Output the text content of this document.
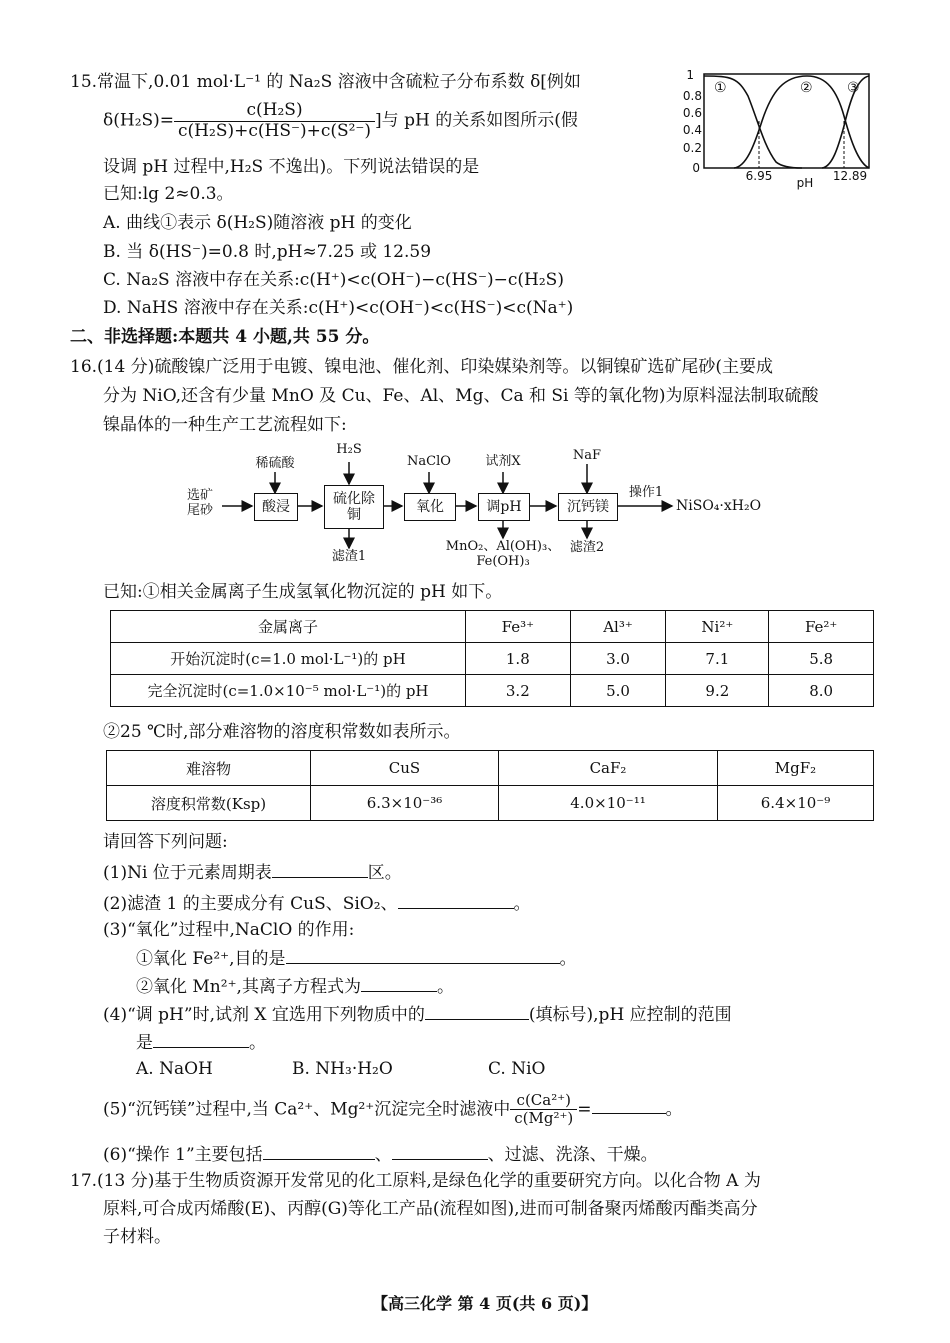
15.常温下,0.01 mol·L⁻¹ 的 Na₂S 溶液中含硫粒子分布系数 δ[例如
$\delta(H_2S)= \frac{\text{c(H₂S)}}{\text{c(H₂S)+c(HS⁻)+c(S²⁻)}}$ ]与 pH 的关系如图所示(假
设调 pH 过程中,H₂S 不逸出)。下列说法错误的是
已知:lg 2≈0.3。
A. 曲线①表示 δ(H₂S)随溶液 pH 的变化
B. 当 δ(HS⁻)=0.8 时,pH≈7.25 或 12.59
C. Na₂S 溶液中存在关系:c(H⁺)<c(OH⁻)−c(HS⁻)−c(H₂S)
D. NaHS 溶液中存在关系:c(H⁺)<c(OH⁻)<c(HS⁻)<c(Na⁺)
1
0.8
0.6
0.4
0.2
0
6.95	12.89
pH
①	② ③
二、非选择题:本题共 4 小题,共 55 分。
16.(14 分)硫酸镍广泛用于电镀、镍电池、催化剂、印染媒染剂等。以铜镍矿选矿尾砂(主要成
分为 NiO,还含有少量 MnO 及 Cu、Fe、Al、Mg、Ca 和 Si 等的氧化物)为原料湿法制取硫酸
镍晶体的一种生产工艺流程如下:
选矿尾砂	酸浸
硫化除铜
氧化	调pH	沉钙镁
稀硫酸
H₂S
NaClO	试剂X	NaF
滤渣1
MnO₂、Al(OH)₃、Fe(OH)₃
滤渣2
操作1
NiSO₄·xH₂O
已知:①相关金属离子生成氢氧化物沉淀的 pH 如下。
金属离子	Fe³⁺	Al³⁺	Ni²⁺	Fe²⁺
开始沉淀时(c=1.0 mol·L⁻¹)的 pH	1.8	3.0	7.1	5.8
完全沉淀时(c=1.0×10⁻⁵ mol·L⁻¹)的 pH	3.2	5.0	9.2	8.0
②25 ℃时,部分难溶物的溶度积常数如表所示。
难溶物	CuS	CaF₂	MgF₂
溶度积常数(Ksp)	6.3×10⁻³⁶	4.0×10⁻¹¹	6.4×10⁻⁹
请回答下列问题:
(1)Ni 位于元素周期表	区。
(2)滤渣 1 的主要成分有 CuS、SiO₂、	。
(3)“氧化”过程中,NaClO 的作用:
①氧化 Fe²⁺,目的是	。
②氧化 Mn²⁺,其离子方程式为	。
(4)“调 pH”时,试剂 X 宜选用下列物质中的	(填标号),pH 应控制的范围
是	。
A. NaOH	B. NH₃·H₂O	C. NiO
(5)“沉钙镁”过程中,当 Ca²⁺、Mg²⁺沉淀完全时滤液中 $\frac{\text{c(Ca²⁺)}}{\text{c(Mg²⁺)}}$ =	。
(6)“操作 1”主要包括	、	、过滤、洗涤、干燥。
17.(13 分)基于生物质资源开发常见的化工原料,是绿色化学的重要研究方向。以化合物 A 为
原料,可合成丙烯酸(E)、丙醇(G)等化工产品(流程如图),进而可制备聚丙烯酸丙酯类高分
子材料。
【高三化学 第 4 页(共 6 页)】
